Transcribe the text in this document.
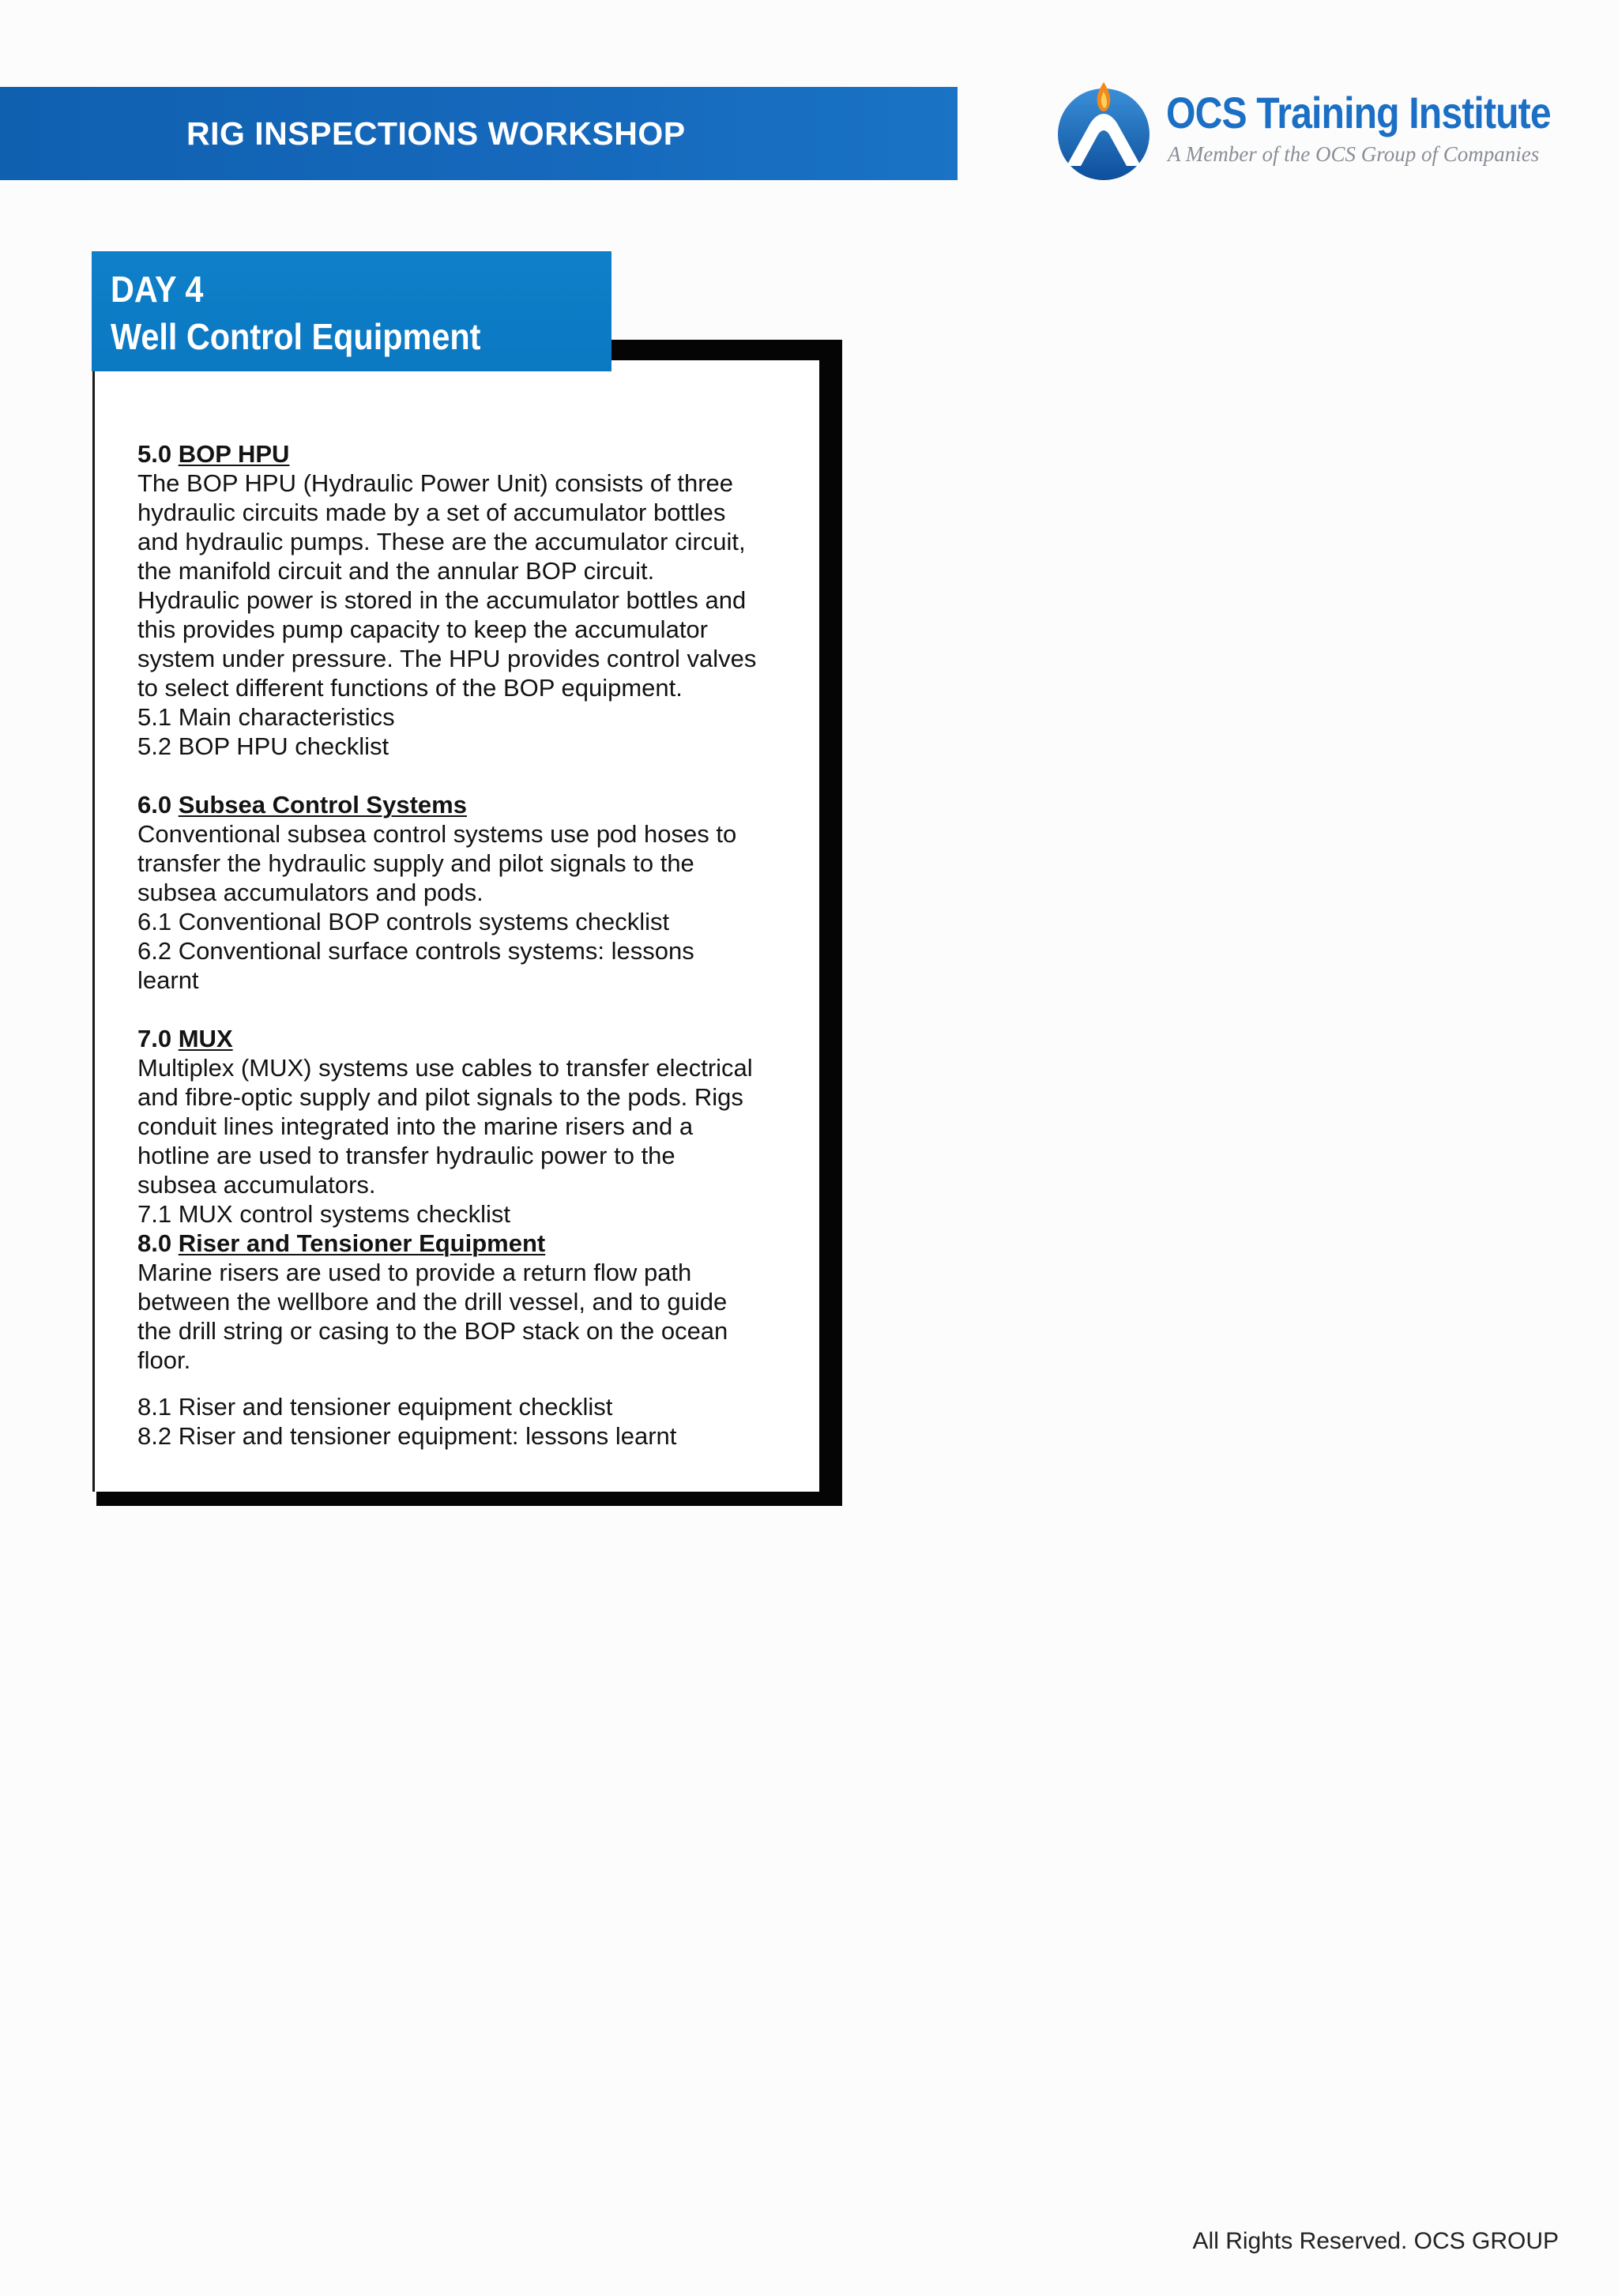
RIG INSPECTIONS WORKSHOP	OCS Training Institute
A Member of the OCS Group of Companies
DAY 4
Well Control Equipment

5.0 BOP HPU

The BOP HPU (Hydraulic Power Unit) consists of three

hydraulic circuits made by a set of accumulator bottles

and hydraulic pumps. These are the accumulator circuit,

the manifold circuit and the annular BOP circuit.

Hydraulic power is stored in the accumulator bottles and

this provides pump capacity to keep the accumulator

system under pressure. The HPU provides control valves

to select different functions of the BOP equipment.

5.1 Main characteristics

5.2 BOP HPU checklist

6.0 Subsea Control Systems

Conventional subsea control systems use pod hoses to

transfer the hydraulic supply and pilot signals to the

subsea accumulators and pods.

6.1 Conventional BOP controls systems checklist

6.2 Conventional surface controls systems: lessons

learnt

7.0 MUX

Multiplex (MUX) systems use cables to transfer electrical

and fibre-optic supply and pilot signals to the pods. Rigs

conduit lines integrated into the marine risers and a

hotline are used to transfer hydraulic power to the

subsea accumulators.

7.1 MUX control systems checklist

8.0 Riser and Tensioner Equipment

Marine risers are used to provide a return flow path

between the wellbore and the drill vessel, and to guide

the drill string or casing to the BOP stack on the ocean

floor.

8.1 Riser and tensioner equipment checklist

8.2 Riser and tensioner equipment: lessons learnt

All Rights Reserved. OCS GROUP
